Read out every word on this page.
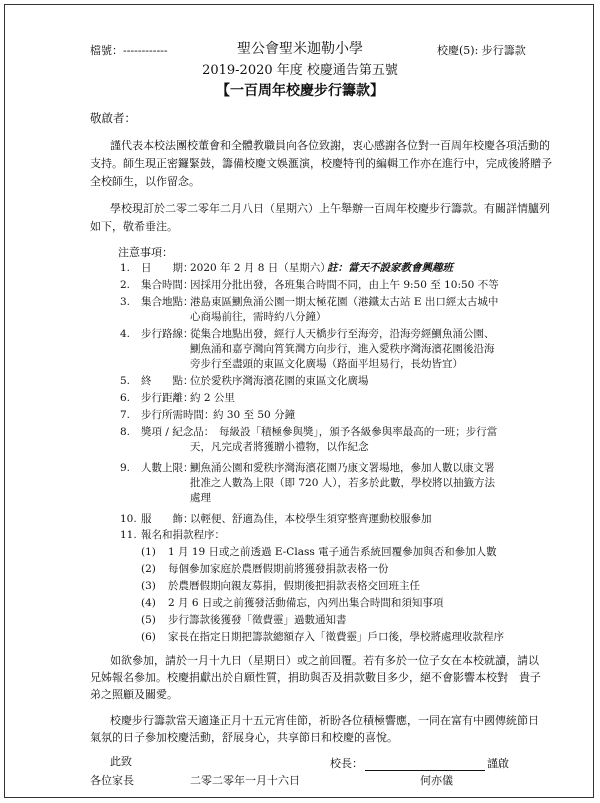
檔號：------------	校慶(5): 步行籌款
聖公會聖米迦勒小學
2019-2020 年度 校慶通告第五號
【一百周年校慶步行籌款】
敬啟者：
謹代表本校法團校董會和全體教職員向各位致謝，衷心感謝各位對一百周年校慶各項活動的
支持。師生現正密鑼緊鼓，籌備校慶文娛滙演，校慶特刊的編輯工作亦在進行中，完成後將贈予
全校師生，以作留念。
學校現訂於二零二零年二月八日（星期六）上午舉辦一百周年校慶步行籌款。有關詳情臚列
如下，敬希垂注。
注意事項：
1. 日　　期：
2020 年 2 月 8 日（星期六）
註：當天不設家教會興趣班
2. 集合時間：
因採用分批出發，各班集合時間不同，由上午 9:50 至 10:50 不等
3. 集合地點：
港島東區鰂魚涌公園一期太極花園（港鐵太古站 E 出口經太古城中
心商場前往，需時約八分鐘）
4. 步行路線：
從集合地點出發，經行人天橋步行至海旁，沿海旁經鰂魚涌公園、
鰂魚涌和嘉亨灣向筲箕灣方向步行，進入愛秩序灣海濱花園後沿海
旁步行至盡頭的東區文化廣場（路面平坦易行，長幼皆宜）
5. 終　　點：
位於愛秩序灣海濱花園的東區文化廣場
6. 步行距離：
約 2 公里
7. 步行所需時間：
約 30 至 50 分鐘
8. 獎項 / 紀念品： 每級設「積極參與獎」，頒予各級參與率最高的一班；步行當
天，凡完成者將獲贈小禮物，以作紀念
9. 人數上限：
鰂魚涌公園和愛秩序灣海濱花園乃康文署場地，參加人數以康文署
批准之人數為上限（即 720 人），若多於此數，學校將以抽籤方法
處理
10. 服　　飾：
以輕便、舒適為佳，本校學生須穿整齊運動校服參加
11. 報名和捐款程序：
(1) 1 月 19 日或之前透過 E-Class 電子通告系統回覆參加與否和參加人數
(2) 每個參加家庭於農曆假期前將獲發捐款表格一份
(3) 於農曆假期向親友募捐，假期後把捐款表格交回班主任
(4) 2 月 6 日或之前獲發活動備忘，內列出集合時間和須知事項
(5) 步行籌款後獲發「徵費靈」過數通知書
(6) 家長在指定日期把籌款總額存入「徵費靈」戶口後，學校將處理收款程序
如欲參加，請於一月十九日（星期日）或之前回覆。若有多於一位子女在本校就讀，請以
兄姊報名參加。校慶捐獻出於自願性質，捐助與否及捐款數目多少，絕不會影響本校對　貴子
弟之照顧及關愛。
校慶步行籌款當天適逢正月十五元宵佳節，祈盼各位積極響應，一同在富有中國傳統節日
氣氛的日子參加校慶活動，舒展身心，共享節日和校慶的喜悅。
此致
各位家長
校長：	謹啟
何亦儀
二零二零年一月十六日
